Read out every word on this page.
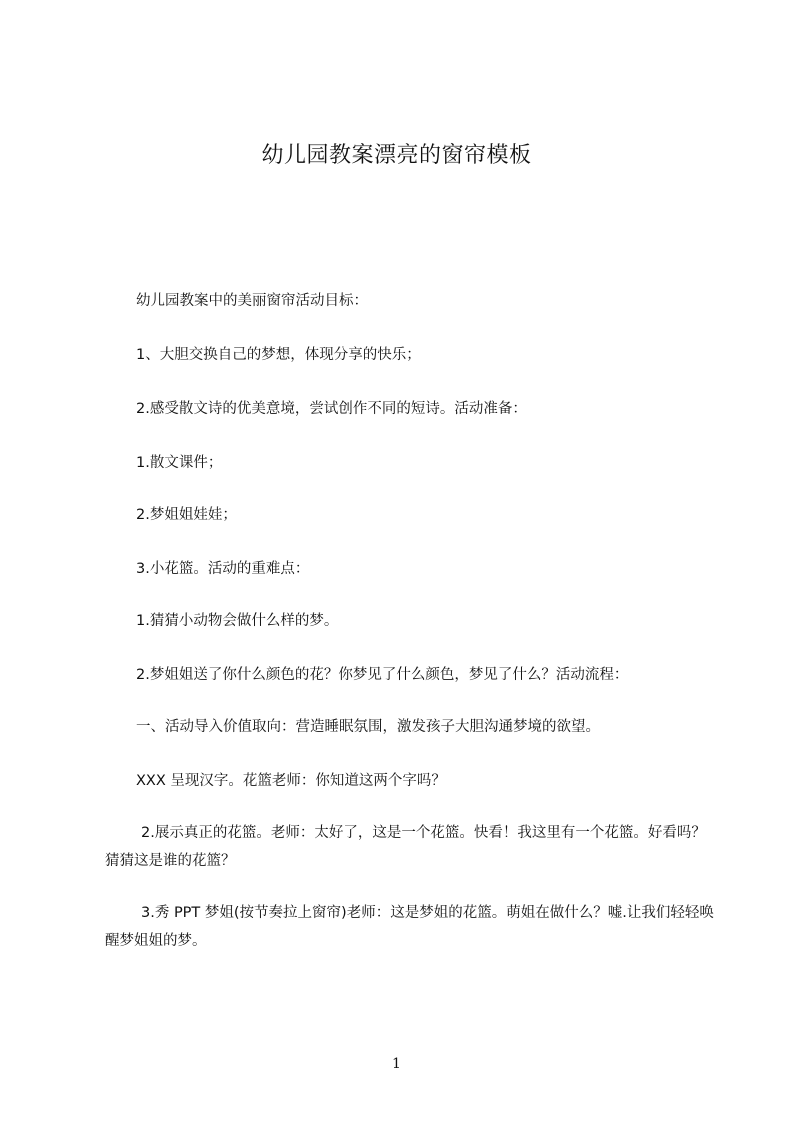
幼儿园教案漂亮的窗帘模板
幼儿园教案中的美丽窗帘活动目标：
1、大胆交换自己的梦想，体现分享的快乐；
2.感受散文诗的优美意境，尝试创作不同的短诗。活动准备：
1.散文课件；
2.梦姐姐娃娃；
3.小花篮。活动的重难点：
1.猜猜小动物会做什么样的梦。
2.梦姐姐送了你什么颜色的花？你梦见了什么颜色，梦见了什么？活动流程：
一、活动导入价值取向：营造睡眠氛围，激发孩子大胆沟通梦境的欲望。
XXX 呈现汉字。花篮老师：你知道这两个字吗？
2.展示真正的花篮。老师：太好了，这是一个花篮。快看！我这里有一个花篮。好看吗？猜猜这是谁的花篮？
3.秀 PPT 梦姐(按节奏拉上窗帘)老师：这是梦姐的花篮。萌姐在做什么？嘘.让我们轻轻唤醒梦姐姐的梦。
1
